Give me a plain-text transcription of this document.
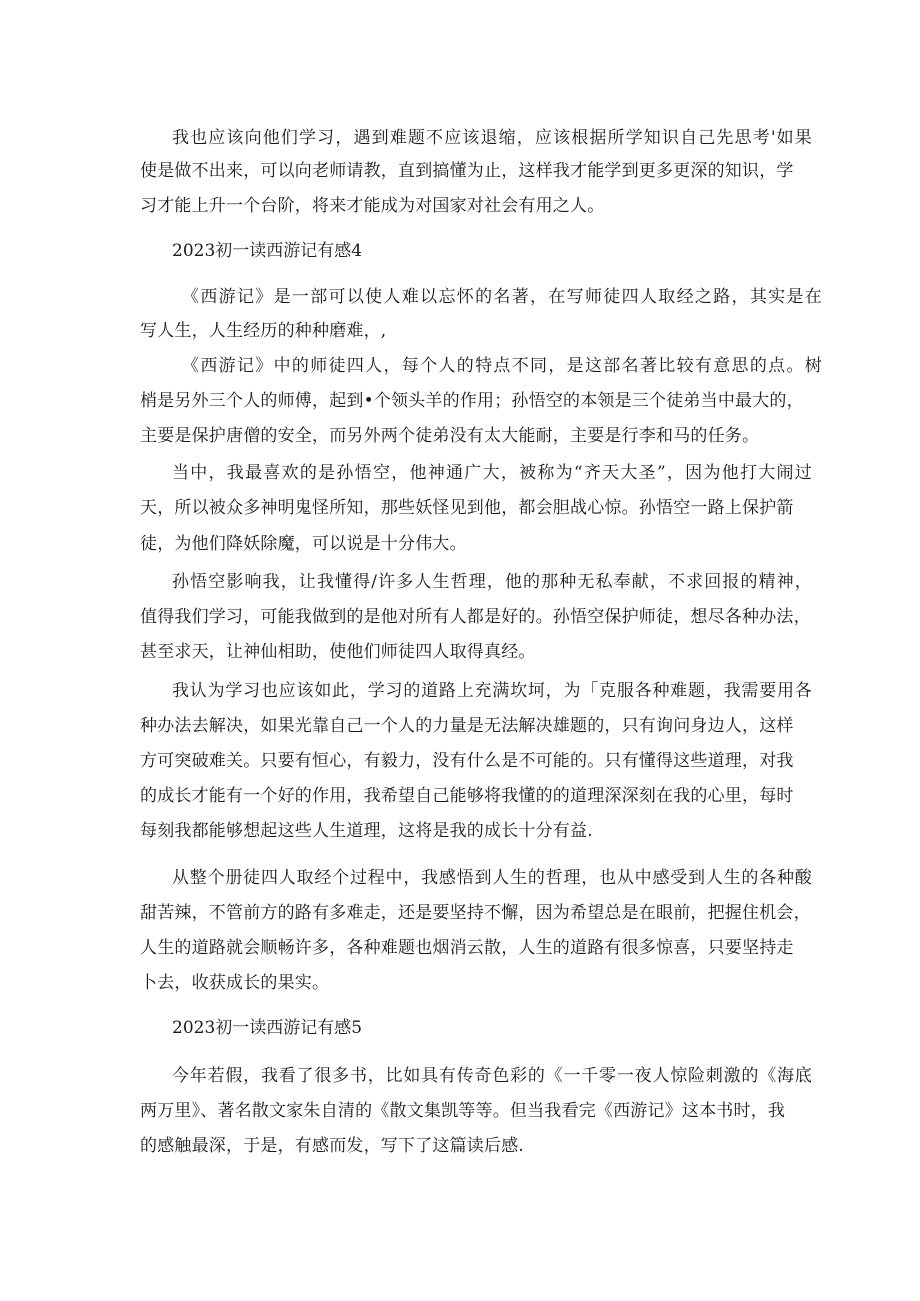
我也应该向他们学习，遇到难题不应该退缩，应该根据所学知识自己先思考'如果
使是做不出来，可以向老师请教，直到搞懂为止，这样我才能学到更多更深的知识，学
习才能上升一个台阶，将来才能成为对国家对社会有用之人。
2023初一读西游记有感4
《西游记》是一部可以使人难以忘怀的名著，在写师徒四人取经之路，其实是在
写人生，人生经历的种种磨难，,
《西游记》中的师徒四人，每个人的特点不同，是这部名著比较有意思的点。树
梢是另外三个人的师傅，起到•个领头羊的作用；孙悟空的本领是三个徒弟当中最大的，
主要是保护唐僧的安全，而另外两个徒弟没有太大能耐，主要是行李和马的任务。
当中，我最喜欢的是孙悟空，他神通广大，被称为“齐天大圣”，因为他打大闹过
天，所以被众多神明鬼怪所知，那些妖怪见到他，都会胆战心惊。孙悟空一路上保护箭
徒，为他们降妖除魔，可以说是十分伟大。
孙悟空影响我，让我懂得/许多人生哲理，他的那种无私奉献，不求回报的精神，
值得我们学习，可能我做到的是他对所有人都是好的。孙悟空保护师徒，想尽各种办法，
甚至求天，让神仙相助，使他们师徒四人取得真经。
我认为学习也应该如此，学习的道路上充满坎坷，为「克服各种难题，我需要用各
种办法去解决，如果光靠自己一个人的力量是无法解决雄题的，只有询问身边人，这样
方可突破难关。只要有恒心，有毅力，没有什么是不可能的。只有懂得这些道理，对我
的成长才能有一个好的作用，我希望自己能够将我懂的的道理深深刻在我的心里，每时
每刻我都能够想起这些人生道理，这将是我的成长十分有益.
从整个册徒四人取经个过程中，我感悟到人生的哲理，也从中感受到人生的各种酸
甜苦辣，不管前方的路有多难走，还是要坚持不懈，因为希望总是在眼前，把握住机会，
人生的道路就会顺畅许多，各种难题也烟消云散，人生的道路有很多惊喜，只要坚持走
卜去，收获成长的果实。
2023初一读西游记有感5
今年若假，我看了很多书，比如具有传奇色彩的《一千零一夜人惊险刺激的《海底
两万里》、著名散文家朱自清的《散文集凯等等。但当我看完《西游记》这本书时，我
的感触最深，于是，有感而发，写下了这篇读后感.
